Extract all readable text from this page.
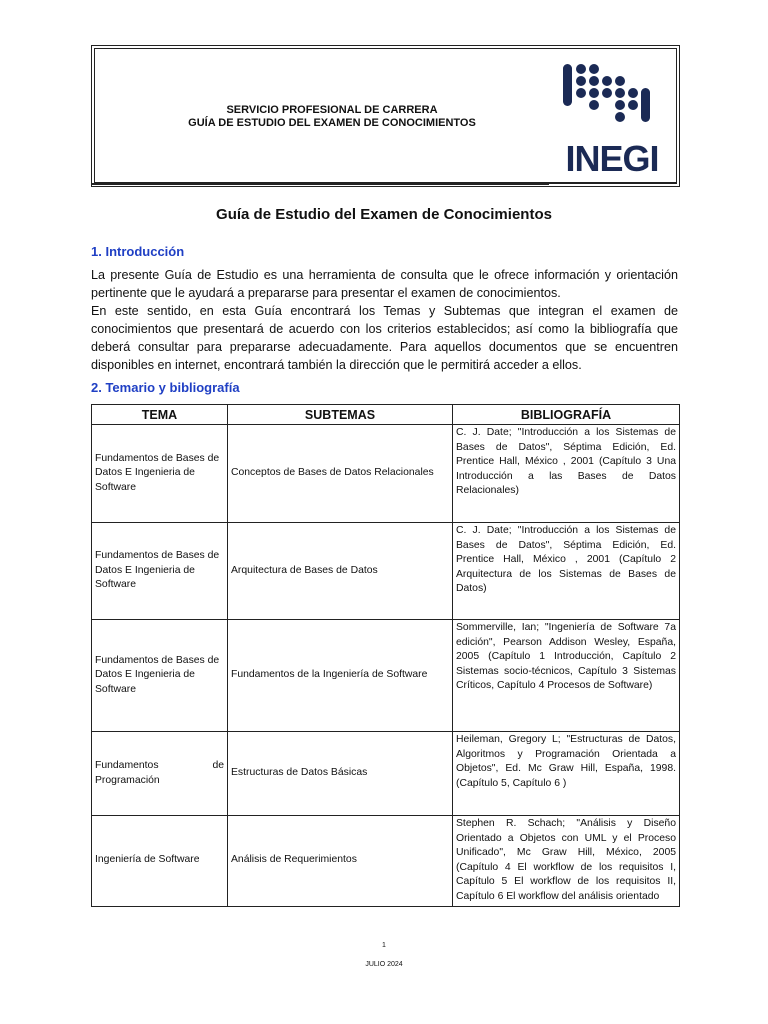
SERVICIO PROFESIONAL DE CARRERA
GUÍA DE ESTUDIO DEL EXAMEN DE CONOCIMIENTOS
INEGI
Guía de Estudio del Examen de Conocimientos
1. Introducción

La presente Guía de Estudio es una herramienta de consulta que le ofrece información y orientación pertinente que le ayudará a prepararse para presentar el examen de conocimientos.

En este sentido, en esta Guía encontrará los Temas y Subtemas que integran el examen de conocimientos que presentará de acuerdo con los criterios establecidos; así como la bibliografía que deberá consultar para prepararse adecuadamente. Para aquellos documentos que se encuentren disponibles en internet, encontrará también la dirección que le permitirá acceder a ellos.

2. Temario y bibliografía
TEMA	SUBTEMAS	BIBLIOGRAFÍA
Fundamentos de Bases de Datos E Ingenieria de Software	Conceptos de Bases de Datos Relacionales	C. J. Date; "Introducción a los Sistemas de Bases de Datos", Séptima Edición, Ed. Prentice Hall, México , 2001 (Capítulo 3 Una Introducción a las Bases de Datos Relacionales)
Fundamentos de Bases de Datos E Ingenieria de Software	Arquitectura de Bases de Datos	C. J. Date; "Introducción a los Sistemas de Bases de Datos", Séptima Edición, Ed. Prentice Hall, México , 2001 (Capítulo 2 Arquitectura de los Sistemas de Bases de Datos)
Fundamentos de Bases de Datos E Ingenieria de Software	Fundamentos de la Ingeniería de Software	Sommerville, Ian; "Ingeniería de Software 7a edición", Pearson Addison Wesley, España, 2005 (Capítulo 1 Introducción, Capítulo 2 Sistemas socio-técnicos, Capítulo 3 Sistemas Críticos, Capítulo 4 Procesos de Software)
Fundamentos de Programación	Estructuras de Datos Básicas	Heileman, Gregory L; "Estructuras de Datos, Algoritmos y Programación Orientada a Objetos", Ed. Mc Graw Hill, España, 1998. (Capítulo 5, Capítulo 6 )
Ingeniería de Software	Análisis de Requerimientos	Stephen R. Schach; "Análisis y Diseño Orientado a Objetos con UML y el Proceso Unificado", Mc Graw Hill, México, 2005 (Capítulo 4 El workflow de los requisitos I, Capítulo 5 El workflow de los requisitos II, Capítulo 6 El workflow del análisis orientado
1
JULIO 2024
